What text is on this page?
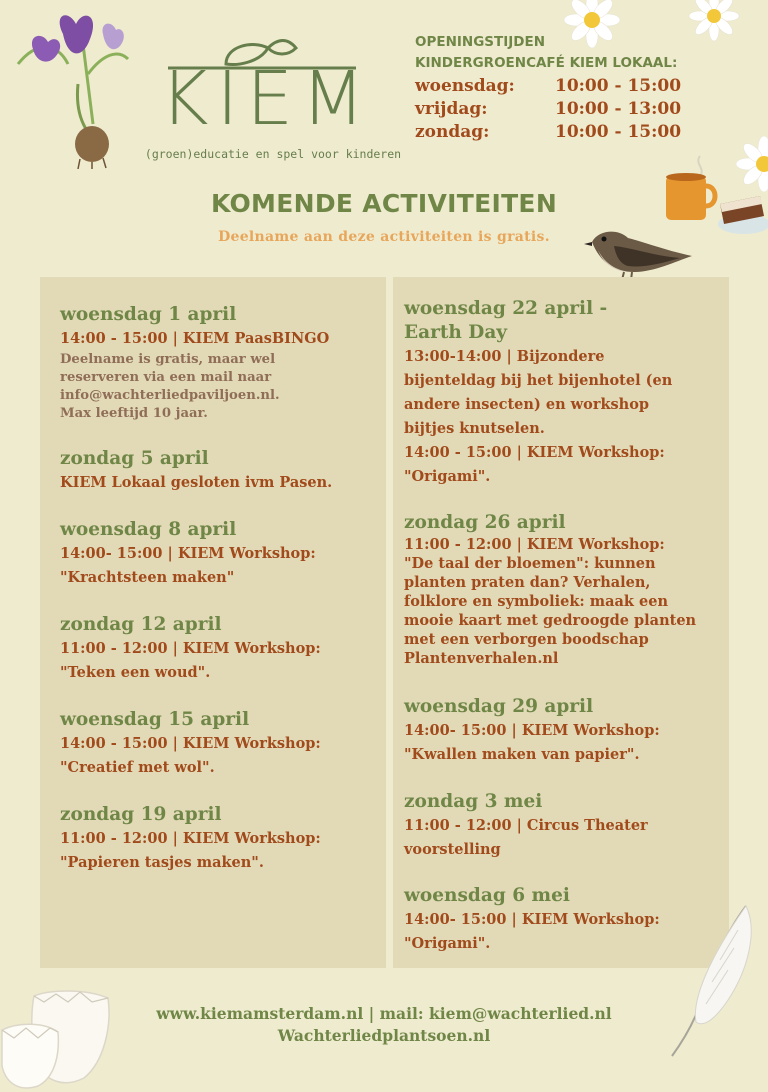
KIEM
(groen)educatie en spel voor kinderen
OPENINGSTIJDEN
KINDERGROENCAFÉ KIEM LOKAAL:
woensdag: 10:00 - 15:00
vrijdag:	10:00 - 13:00
zondag:	10:00 - 15:00
KOMENDE ACTIVITEITEN
Deelname aan deze activiteiten is gratis.
woensdag 1 april
14:00 - 15:00 | KIEM PaasBINGO
Deelname is gratis, maar wel
reserveren via een mail naar
info@wachterliedpaviljoen.nl.
Max leeftijd 10 jaar.
zondag 5 april
KIEM Lokaal gesloten ivm Pasen.
woensdag 8 april
14:00- 15:00 | KIEM Workshop:
"Krachtsteen maken"
zondag 12 april
11:00 - 12:00 | KIEM Workshop:
"Teken een woud".
woensdag 15 april
14:00 - 15:00 | KIEM Workshop:
"Creatief met wol".
zondag 19 april
11:00 - 12:00 | KIEM Workshop:
"Papieren tasjes maken".
woensdag 22 april -
Earth Day
13:00-14:00 | Bijzondere
bijenteldag bij het bijenhotel (en
andere insecten) en workshop
bijtjes knutselen.
14:00 - 15:00 | KIEM Workshop:
"Origami".
zondag 26 april
11:00 - 12:00 | KIEM Workshop:
"De taal der bloemen": kunnen
planten praten dan? Verhalen,
folklore en symboliek: maak een
mooie kaart met gedroogde planten
met een verborgen boodschap
Plantenverhalen.nl
woensdag 29 april
14:00- 15:00 | KIEM Workshop:
"Kwallen maken van papier".
zondag 3 mei
11:00 - 12:00 | Circus Theater
voorstelling
woensdag 6 mei
14:00- 15:00 | KIEM Workshop:
"Origami".
www.kiemamsterdam.nl | mail: kiem@wachterlied.nl
Wachterliedplantsoen.nl
